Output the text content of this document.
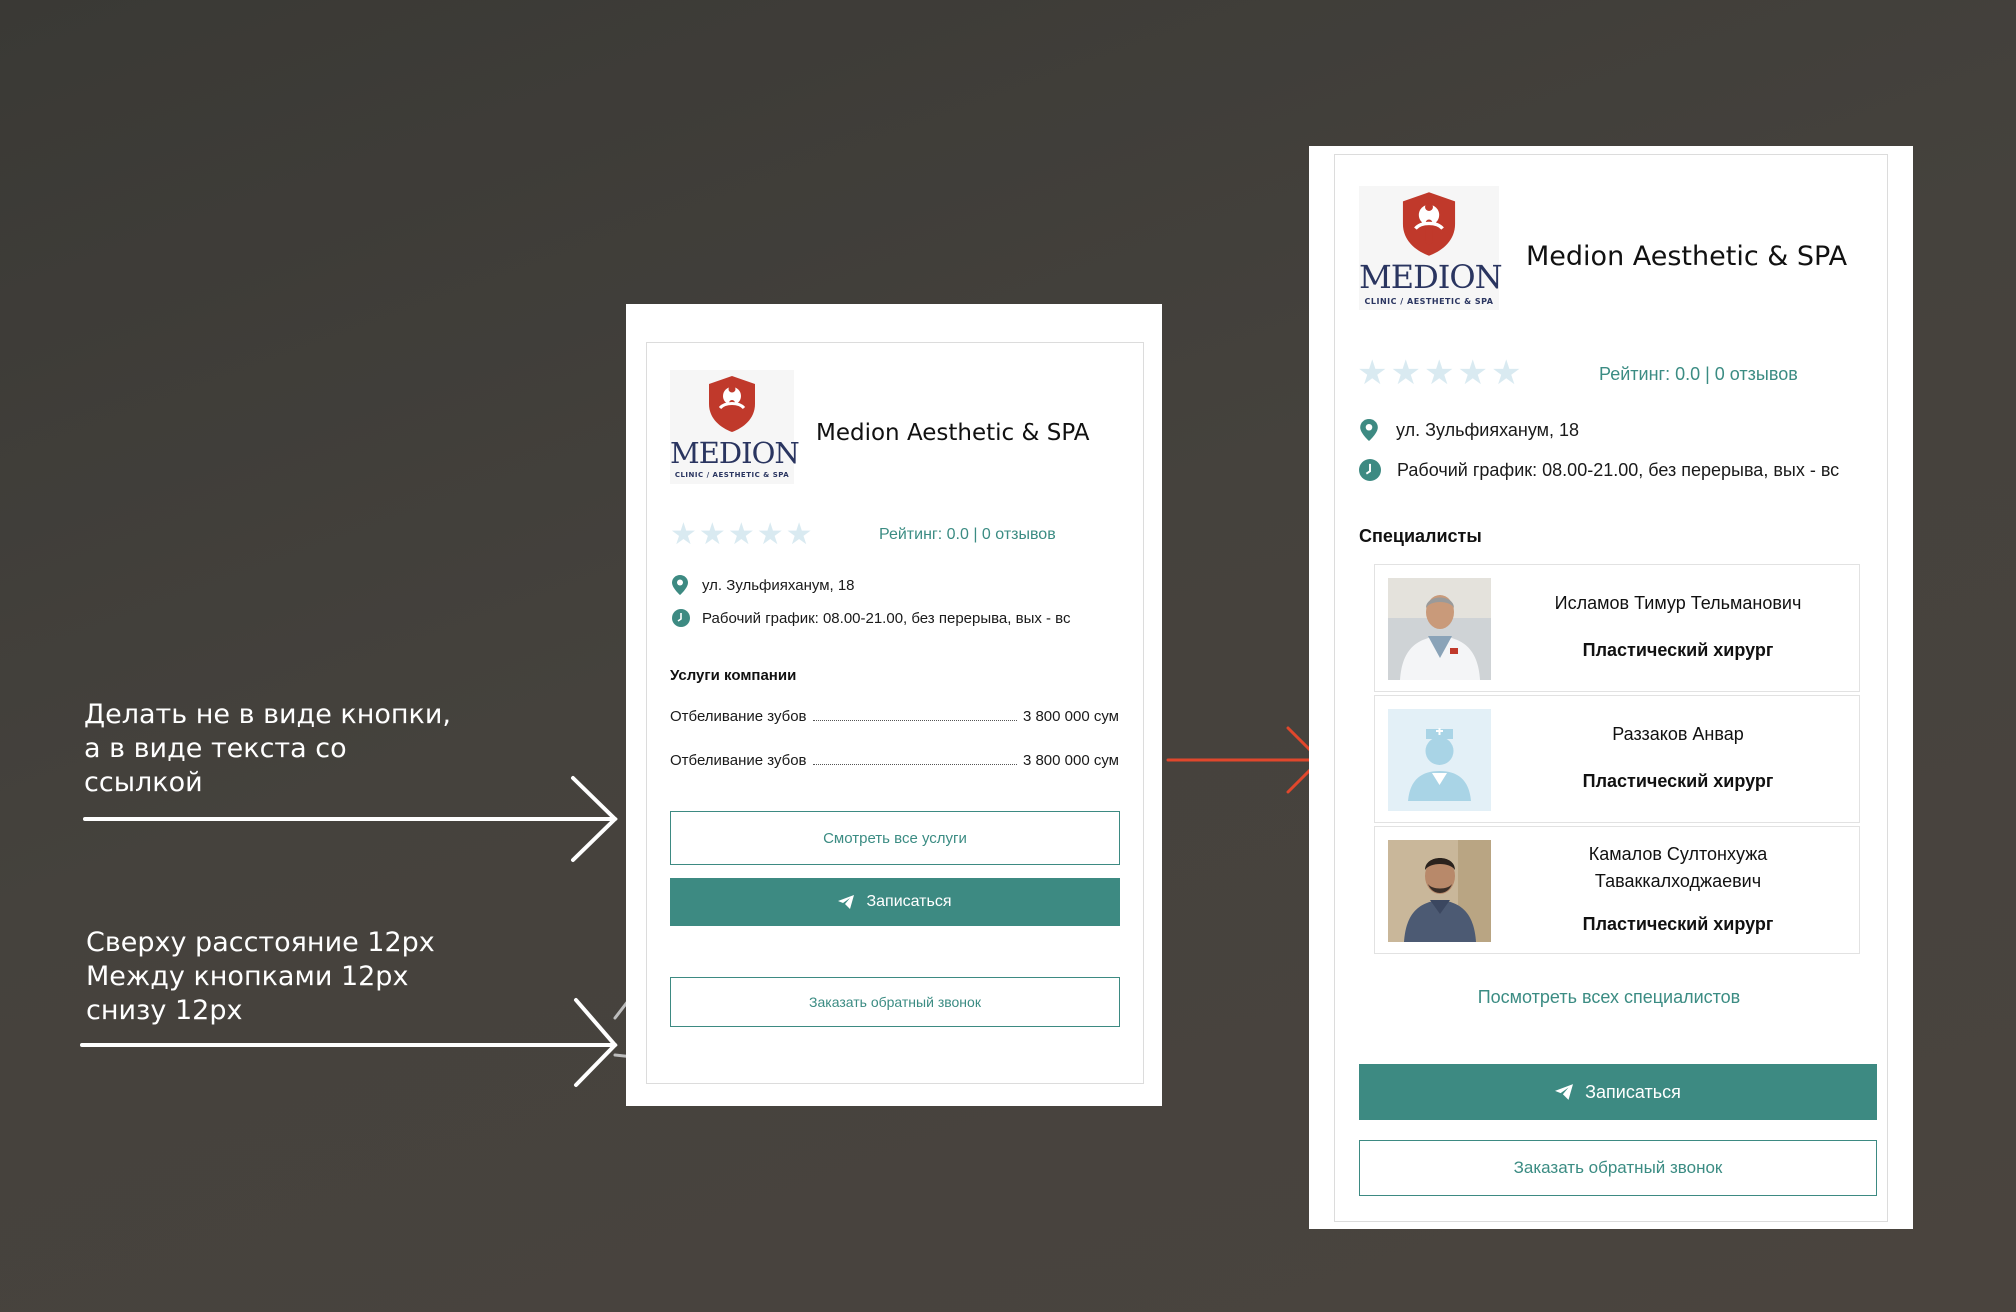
Делать не в виде кнопки,
а в виде текста со
ссылкой
Сверху расстояние 12px
Между кнопками 12px
снизу 12px
MEDION
CLINIC / AESTHETIC & SPA
Medion Aesthetic & SPA
★ ★ ★ ★ ★	Рейтинг: 0.0 | 0 отзывов
ул. Зульфияханум, 18
Рабочий график: 08.00-21.00, без перерыва, вых - вс
Услуги компании
Отбеливание зубов	3 800 000 сум
Отбеливание зубов	3 800 000 сум
Смотреть все услуги
Записаться
Заказать обратный звонок
MEDION
CLINIC / AESTHETIC & SPA
Medion Aesthetic & SPA
★ ★ ★ ★ ★	Рейтинг: 0.0 | 0 отзывов
ул. Зульфияханум, 18
Рабочий график: 08.00-21.00, без перерыва, вых - вс
Специалисты
Исламов Тимур Тельманович
Пластический хирург
Раззаков Анвар
Пластический хирург
Камалов Султонхужа Таваккалходжаевич
Пластический хирург
Посмотреть всех специалистов
Записаться
Заказать обратный звонок
